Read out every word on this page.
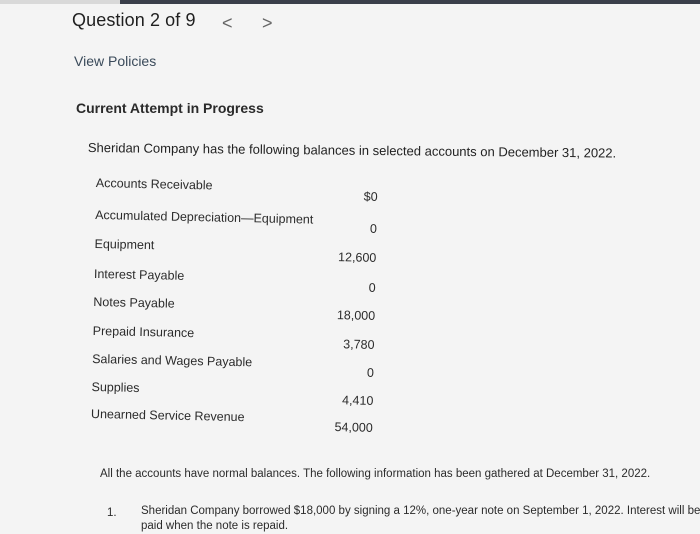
Question 2 of 9 < >
View Policies
Current Attempt in Progress
Sheridan Company has the following balances in selected accounts on December 31, 2022.
Accounts Receivable
$0
Accumulated Depreciation—Equipment
0
Equipment
12,600
Interest Payable
0
Notes Payable
18,000
Prepaid Insurance
3,780
Salaries and Wages Payable
0
Supplies
4,410
Unearned Service Revenue
54,000
All the accounts have normal balances. The following information has been gathered at December 31, 2022.
1. Sheridan Company borrowed $18,000 by signing a 12%, one-year note on September 1, 2022. Interest will be paid when the note is repaid.
